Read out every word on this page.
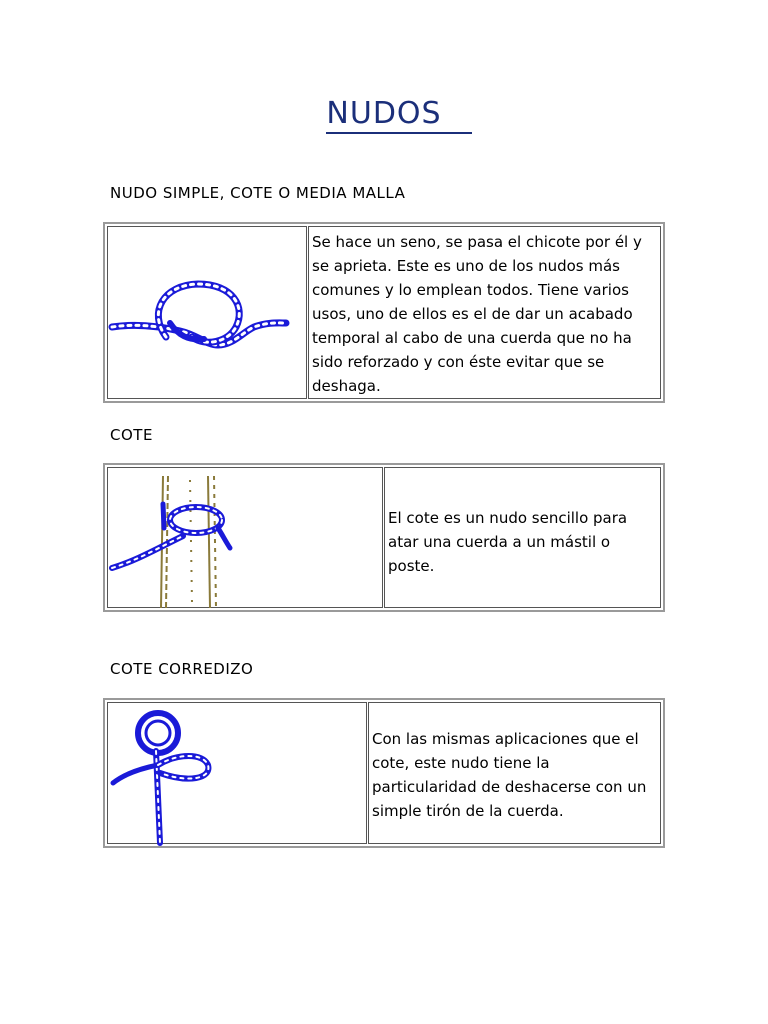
NUDOS
NUDO SIMPLE, COTE O MEDIA MALLA

Se hace un seno, se pasa el chicote por él y se aprieta. Este es uno de los nudos más comunes y lo emplean todos. Tiene varios usos, uno de ellos es el de dar un acabado temporal al cabo de una cuerda que no ha sido reforzado y con éste evitar que se deshaga.

COTE

El cote es un nudo sencillo para atar una cuerda a un mástil o poste.

COTE CORREDIZO

Con las mismas aplicaciones que el cote, este nudo tiene la particularidad de deshacerse con un simple tirón de la cuerda.
